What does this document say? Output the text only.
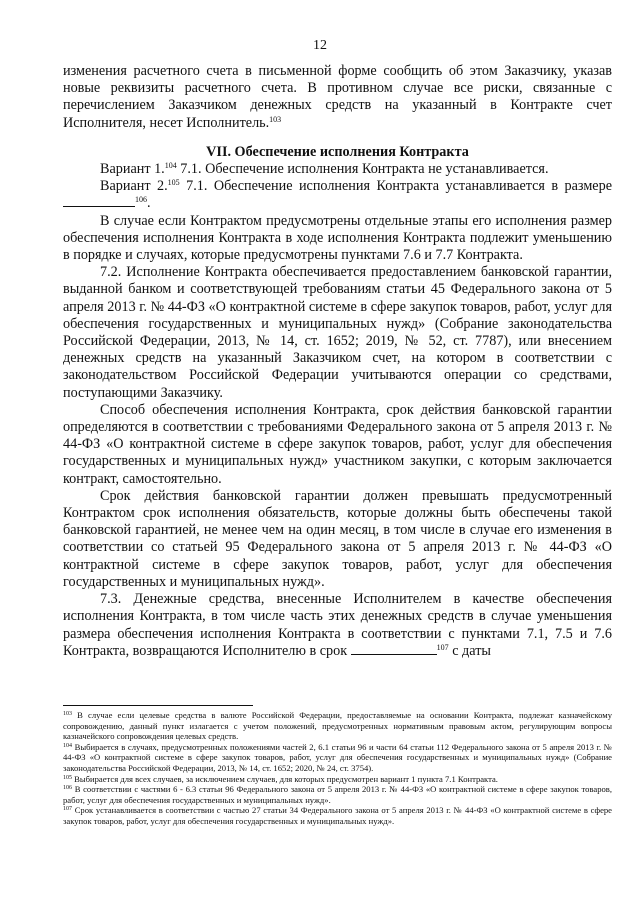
12

изменения расчетного счета в письменной форме сообщить об этом Заказчику, указав новые реквизиты расчетного счета. В противном случае все риски, связанные с перечислением Заказчиком денежных средств на указанный в Контракте счет Исполнителя, несет Исполнитель.$^{103}$

VII. Обеспечение исполнения Контракта

Вариант 1.$^{104}$ 7.1. Обеспечение исполнения Контракта не устанавливается.

Вариант 2.$^{105}$ 7.1. Обеспечение исполнения Контракта устанавливается в размере $^{106}$.

В случае если Контрактом предусмотрены отдельные этапы его исполнения размер обеспечения исполнения Контракта в ходе исполнения Контракта подлежит уменьшению в порядке и случаях, которые предусмотрены пунктами 7.6 и 7.7 Контракта.

7.2. Исполнение Контракта обеспечивается предоставлением банковской гарантии, выданной банком и соответствующей требованиям статьи 45 Федерального закона от 5 апреля 2013 г. № 44-ФЗ «О контрактной системе в сфере закупок товаров, работ, услуг для обеспечения государственных и муниципальных нужд» (Собрание законодательства Российской Федерации, 2013, № 14, ст. 1652; 2019, № 52, ст. 7787), или внесением денежных средств на указанный Заказчиком счет, на котором в соответствии с законодательством Российской Федерации учитываются операции со средствами, поступающими Заказчику.

Способ обеспечения исполнения Контракта, срок действия банковской гарантии определяются в соответствии с требованиями Федерального закона от 5 апреля 2013 г. № 44-ФЗ «О контрактной системе в сфере закупок товаров, работ, услуг для обеспечения государственных и муниципальных нужд» участником закупки, с которым заключается контракт, самостоятельно.

Срок действия банковской гарантии должен превышать предусмотренный Контрактом срок исполнения обязательств, которые должны быть обеспечены такой банковской гарантией, не менее чем на один месяц, в том числе в случае его изменения в соответствии со статьей 95 Федерального закона от 5 апреля 2013 г. № 44-ФЗ «О контрактной системе в сфере закупок товаров, работ, услуг для обеспечения государственных и муниципальных нужд».

7.3. Денежные средства, внесенные Исполнителем в качестве обеспечения исполнения Контракта, в том числе часть этих денежных средств в случае уменьшения размера обеспечения исполнения Контракта в соответствии с пунктами 7.1, 7.5 и 7.6 Контракта, возвращаются Исполнителю в срок	$^{107}$ с даты

$^{103}$ В случае если целевые средства в валюте Российской Федерации, предоставляемые на основании Контракта, подлежат казначейскому сопровождению, данный пункт излагается с учетом положений, предусмотренных нормативным правовым актом, регулирующим вопросы казначейского сопровождения целевых средств.

$^{104}$ Выбирается в случаях, предусмотренных положениями частей 2, 6.1 статьи 96 и части 64 статьи 112 Федерального закона от 5 апреля 2013 г. № 44-ФЗ «О контрактной системе в сфере закупок товаров, работ, услуг для обеспечения государственных и муниципальных нужд» (Собрание законодательства Российской Федерации, 2013, № 14, ст. 1652; 2020, № 24, ст. 3754).

$^{105}$ Выбирается для всех случаев, за исключением случаев, для которых предусмотрен вариант 1 пункта 7.1 Контракта.

$^{106}$ В соответствии с частями 6 - 6.3 статьи 96 Федерального закона от 5 апреля 2013 г. № 44-ФЗ «О контрактной системе в сфере закупок товаров, работ, услуг для обеспечения государственных и муниципальных нужд».

$^{107}$ Срок устанавливается в соответствии с частью 27 статьи 34 Федерального закона от 5 апреля 2013 г. № 44-ФЗ «О контрактной системе в сфере закупок товаров, работ, услуг для обеспечения государственных и муниципальных нужд».
